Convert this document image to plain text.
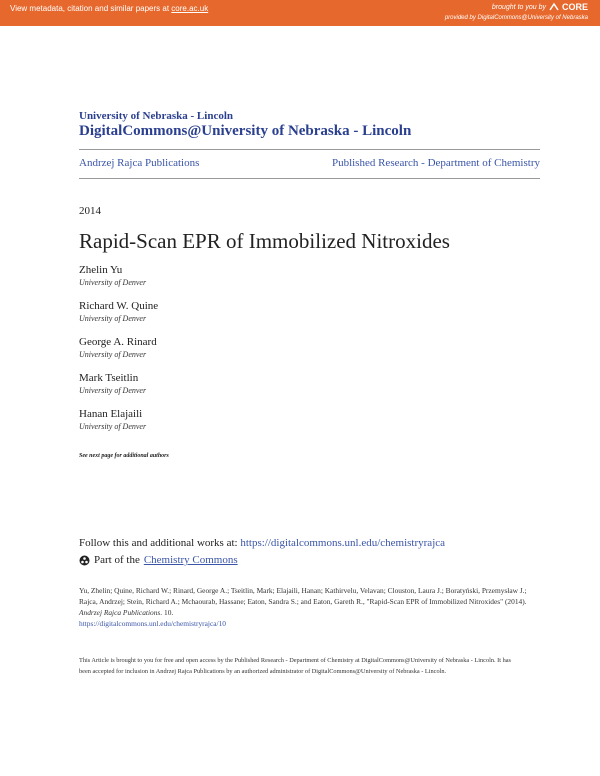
View metadata, citation and similar papers at core.ac.uk	brought to you by CORE
provided by DigitalCommons@University of Nebraska
University of Nebraska - Lincoln
DigitalCommons@University of Nebraska - Lincoln
Andrzej Rajca Publications	Published Research - Department of Chemistry
2014
Rapid-Scan EPR of Immobilized Nitroxides
Zhelin Yu
University of Denver
Richard W. Quine
University of Denver
George A. Rinard
University of Denver
Mark Tseitlin
University of Denver
Hanan Elajaili
University of Denver
See next page for additional authors
Follow this and additional works at: https://digitalcommons.unl.edu/chemistryrajca
Part of the Chemistry Commons
Yu, Zhelin; Quine, Richard W.; Rinard, George A.; Tseitlin, Mark; Elajaili, Hanan; Kathirvelu, Velavan; Clouston, Laura J.; Boratyński, Przemysław J.; Rajca, Andrzej; Stein, Richard A.; Mchaourab, Hassane; Eaton, Sandra S.; and Eaton, Gareth R., "Rapid-Scan EPR of Immobilized Nitroxides" (2014). Andrzej Rajca Publications. 10.
https://digitalcommons.unl.edu/chemistryrajca/10
This Article is brought to you for free and open access by the Published Research - Department of Chemistry at DigitalCommons@University of Nebraska - Lincoln. It has been accepted for inclusion in Andrzej Rajca Publications by an authorized administrator of DigitalCommons@University of Nebraska - Lincoln.
